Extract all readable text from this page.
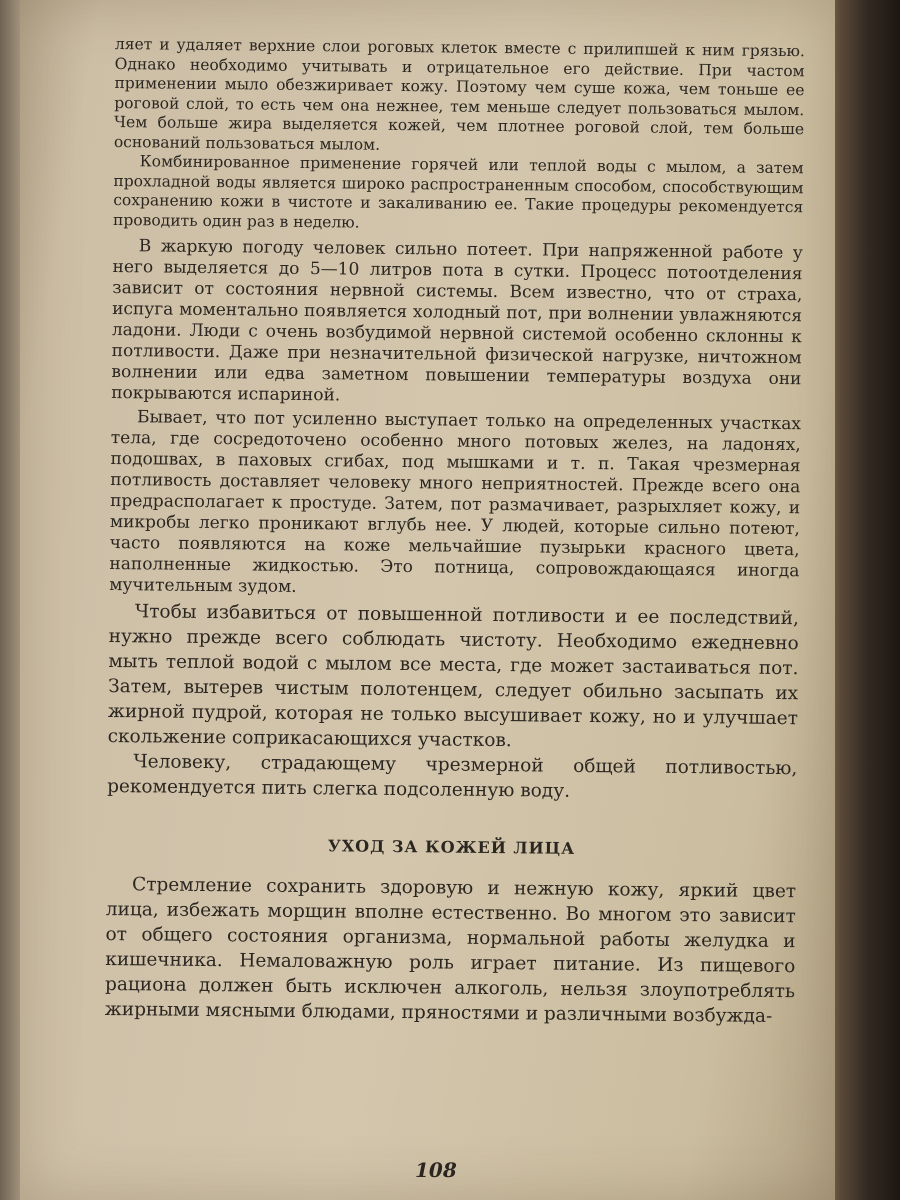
ляет и удаляет верхние слои роговых клеток вместе с прилипшей к ним грязью. Однако необходимо учитывать и отрицательное его действие. При частом применении мыло обезжиривает кожу. Поэтому чем суше кожа, чем тоньше ее роговой слой, то есть чем она нежнее, тем меньше следует пользоваться мылом. Чем больше жира выделяется кожей, чем плотнее роговой слой, тем больше оснований пользоваться мылом.

Комбинированное применение горячей или теплой воды с мылом, а затем прохладной воды является широко распространенным способом, способствующим сохранению кожи в чистоте и закаливанию ее. Такие процедуры рекомендуется проводить один раз в неделю.

В жаркую погоду человек сильно потеет. При напряженной работе у него выделяется до 5—10 литров пота в сутки. Процесс потоотделения зависит от состояния нервной системы. Всем известно, что от страха, испуга моментально появляется холодный пот, при волнении увлажняются ладони. Люди с очень возбудимой нервной системой особенно склонны к потливости. Даже при незначительной физической нагрузке, ничтожном волнении или едва заметном повышении температуры воздуха они покрываются испариной.

Бывает, что пот усиленно выступает только на определенных участках тела, где сосредоточено особенно много потовых желез, на ладонях, подошвах, в паховых сгибах, под мышками и т. п. Такая чрезмерная потливость доставляет человеку много неприятностей. Прежде всего она предрасполагает к простуде. Затем, пот размачивает, разрыхляет кожу, и микробы легко проникают вглубь нее. У людей, которые сильно потеют, часто появляются на коже мельчайшие пузырьки красного цвета, наполненные жидкостью. Это потница, сопровождающаяся иногда мучительным зудом.

Чтобы избавиться от повышенной потливости и ее последствий, нужно прежде всего соблюдать чистоту. Необходимо ежедневно мыть теплой водой с мылом все места, где может застаиваться пот. Затем, вытерев чистым полотенцем, следует обильно засыпать их жирной пудрой, которая не только высушивает кожу, но и улучшает скольжение соприкасающихся участков.

Человеку, страдающему чрезмерной общей потливостью, рекомендуется пить слегка подсоленную воду.

УХОД ЗА КОЖЕЙ ЛИЦА

Стремление сохранить здоровую и нежную кожу, яркий цвет лица, избежать морщин вполне естественно. Во многом это зависит от общего состояния организма, нормальной работы желудка и кишечника. Немаловажную роль играет питание. Из пищевого рациона должен быть исключен алкоголь, нельзя злоупотреблять жирными мясными блюдами, пряностями и различными возбужда-

108
